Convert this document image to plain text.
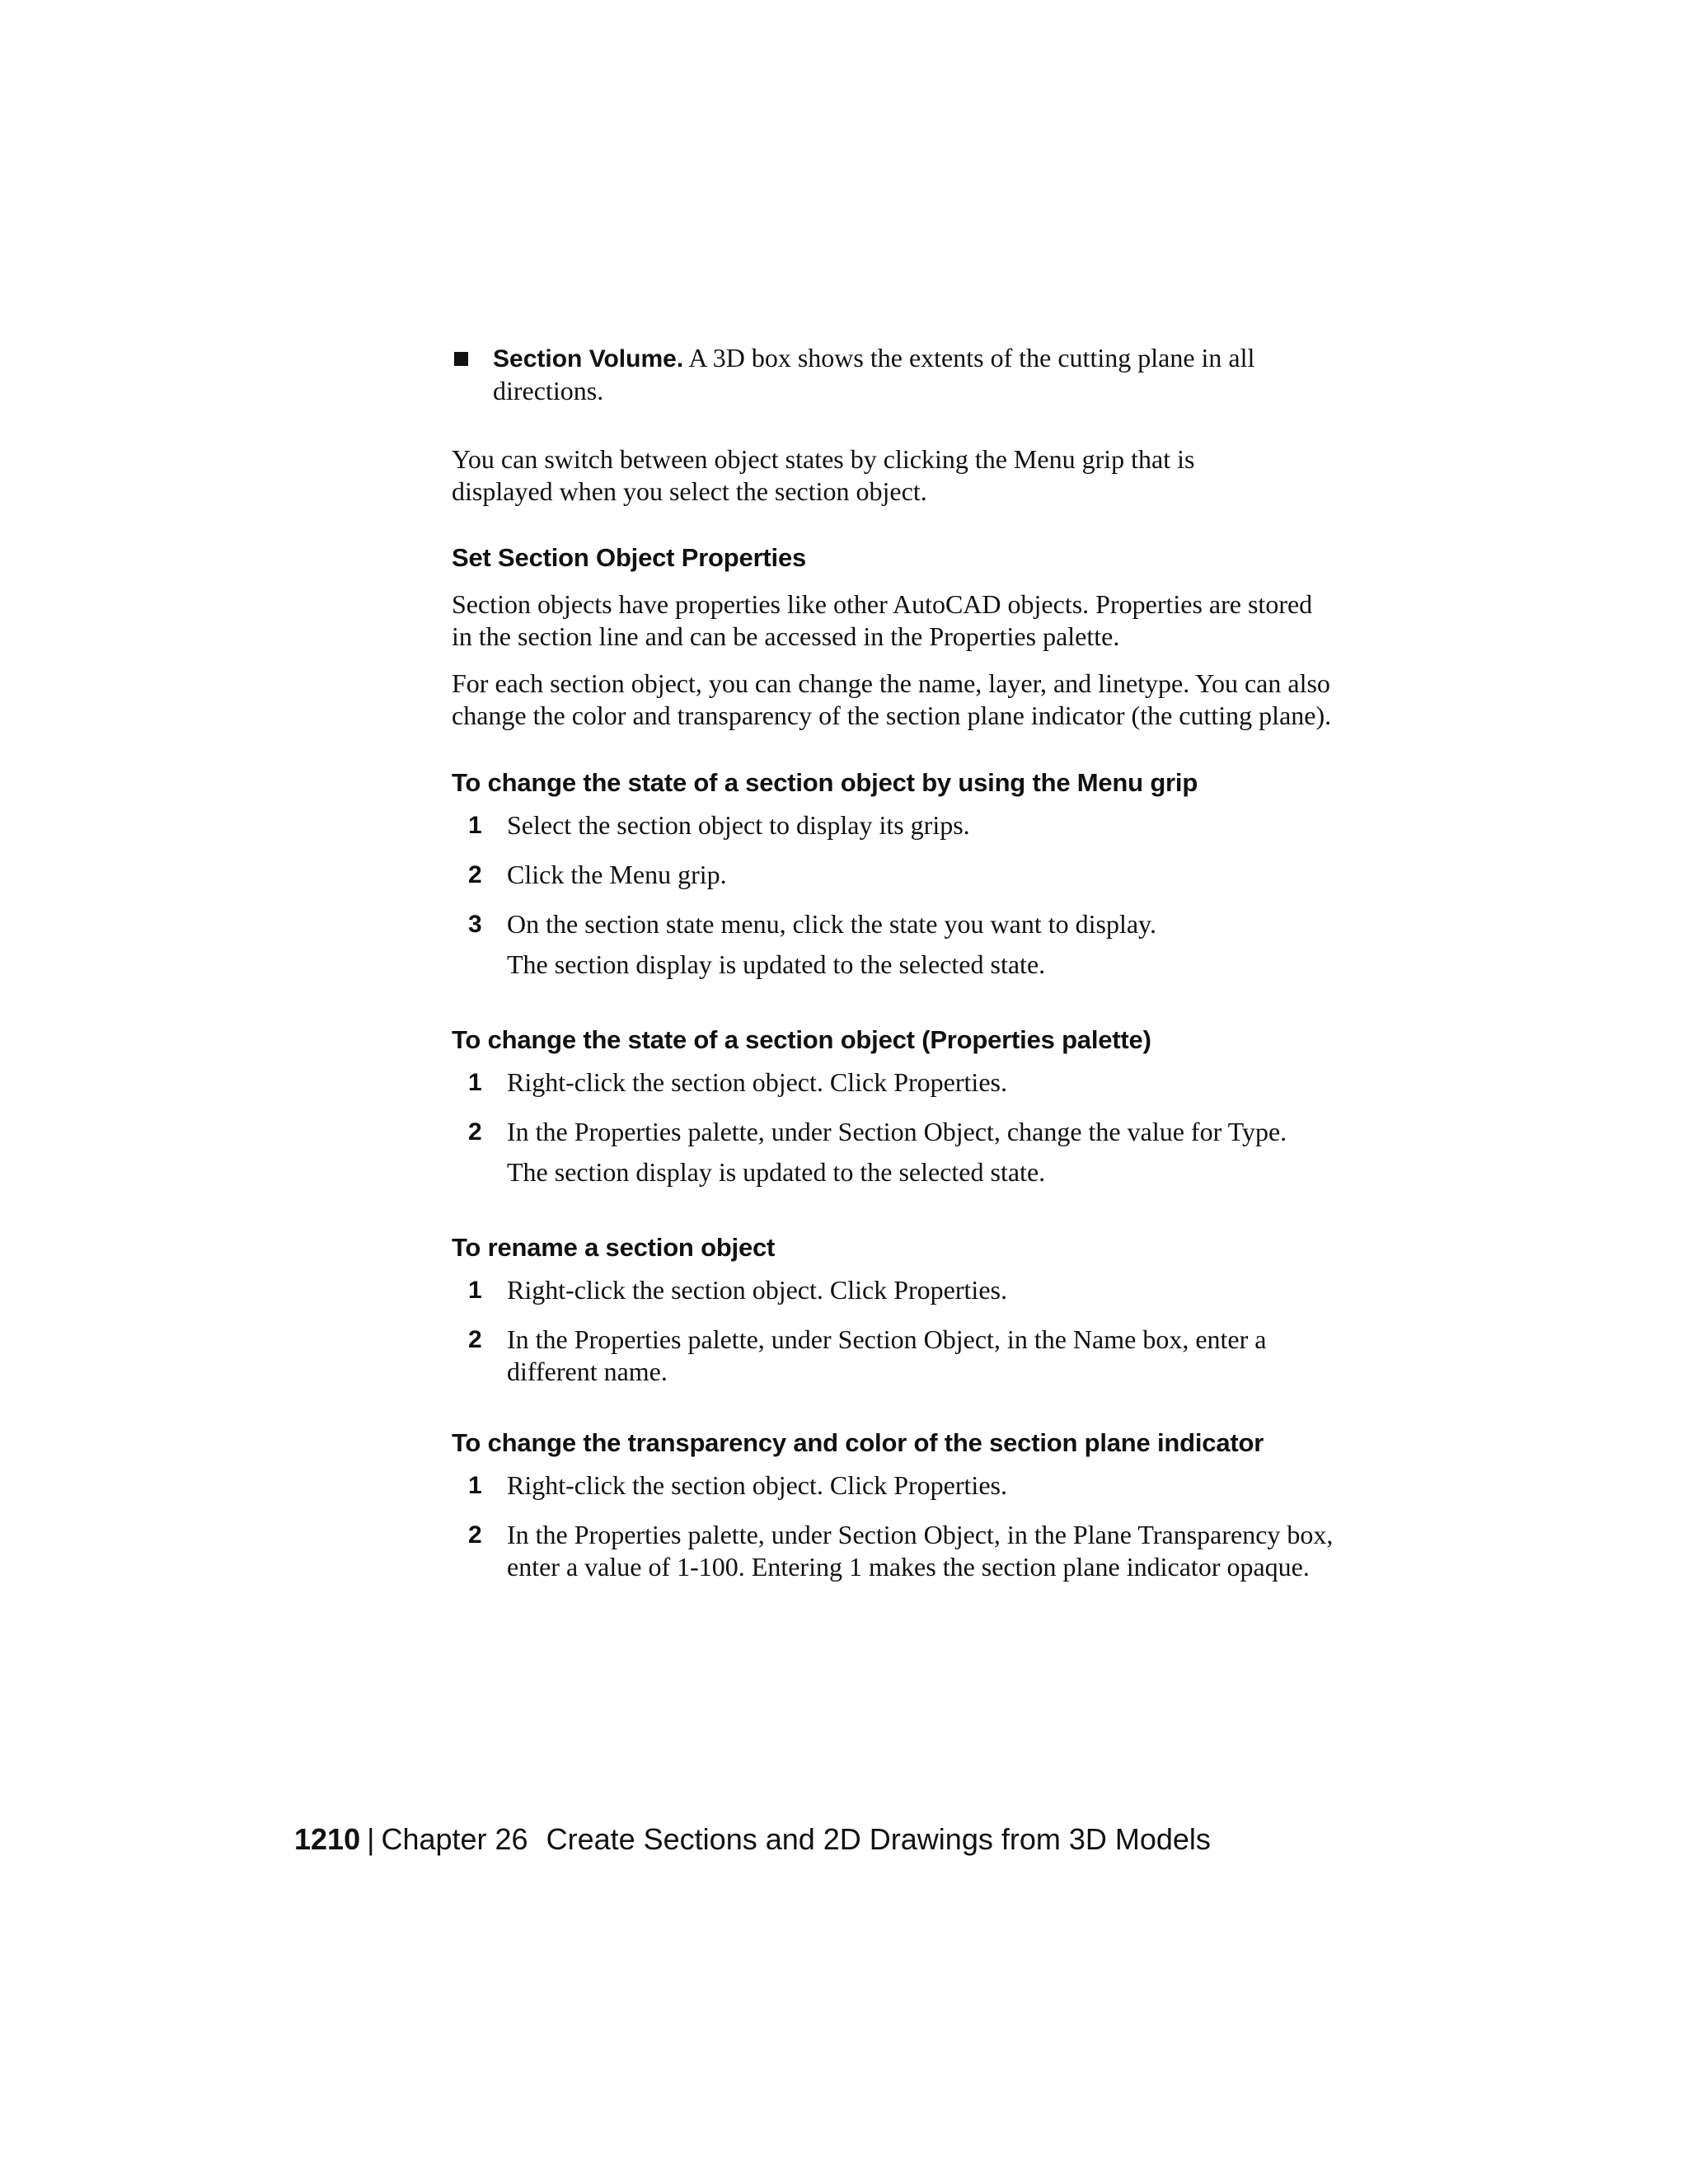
Section Volume. A 3D box shows the extents of the cutting plane in all directions.

You can switch between object states by clicking the Menu grip that is displayed when you select the section object.

Set Section Object Properties

Section objects have properties like other AutoCAD objects. Properties are stored in the section line and can be accessed in the Properties palette.

For each section object, you can change the name, layer, and linetype. You can also change the color and transparency of the section plane indicator (the cutting plane).

To change the state of a section object by using the Menu grip
1 Select the section object to display its grips.
2 Click the Menu grip.
3 On the section state menu, click the state you want to display.
The section display is updated to the selected state.
To change the state of a section object (Properties palette)
1 Right-click the section object. Click Properties.
2 In the Properties palette, under Section Object, change the value for Type.
The section display is updated to the selected state.
To rename a section object
1 Right-click the section object. Click Properties.
2 In the Properties palette, under Section Object, in the Name box, enter a different name.
To change the transparency and color of the section plane indicator
1 Right-click the section object. Click Properties.
2 In the Properties palette, under Section Object, in the Plane Transparency box, enter a value of 1-100. Entering 1 makes the section plane indicator opaque.
1210 | Chapter 26 Create Sections and 2D Drawings from 3D Models
